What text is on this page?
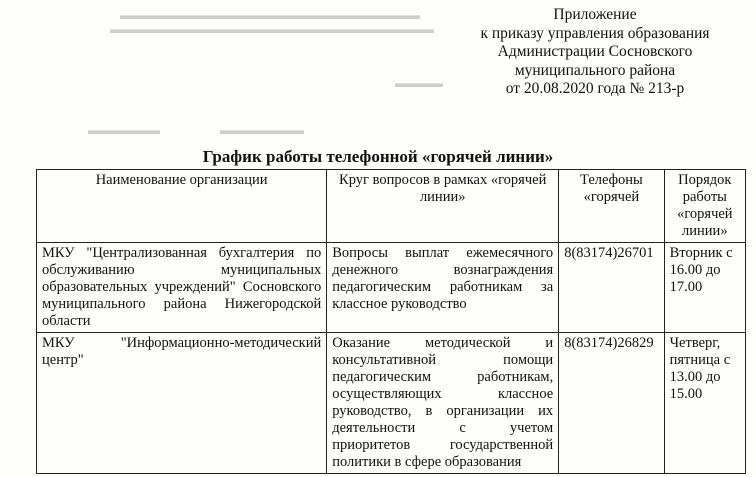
▬▬▬▬▬▬▬▬▬▬▬▬▬▬▬▬▬▬▬▬▬▬▬▬▬
▬▬▬▬▬▬▬▬▬▬▬▬▬▬▬▬▬▬▬▬▬▬▬▬▬▬▬
▬▬▬▬
▬▬▬▬▬▬	▬▬▬▬▬▬▬
Приложение
к приказу управления образования
Администрации Сосновского
муниципального района
от 20.08.2020 года № 213-р
График работы телефонной «горячей линии»
Наименование организации	Круг вопросов в рамках «горячей линии»	Телефоны «горячей	Порядок работы «горячей линии»
МКУ "Централизованная бухгалтерия по обслуживанию муниципальных образовательных учреждений" Сосновского муниципального района Нижегородской области	Вопросы выплат ежемесячного денежного вознаграждения педагогическим работникам за классное руководство	8(83174)26701	Вторник с 16.00 до 17.00
МКУ "Информационно-методический центр"	Оказание методической и консультативной помощи педагогическим работникам, осуществляющих классное руководство, в организации их деятельности с учетом приоритетов государственной политики в сфере образования	8(83174)26829	Четверг, пятница с 13.00 до 15.00
